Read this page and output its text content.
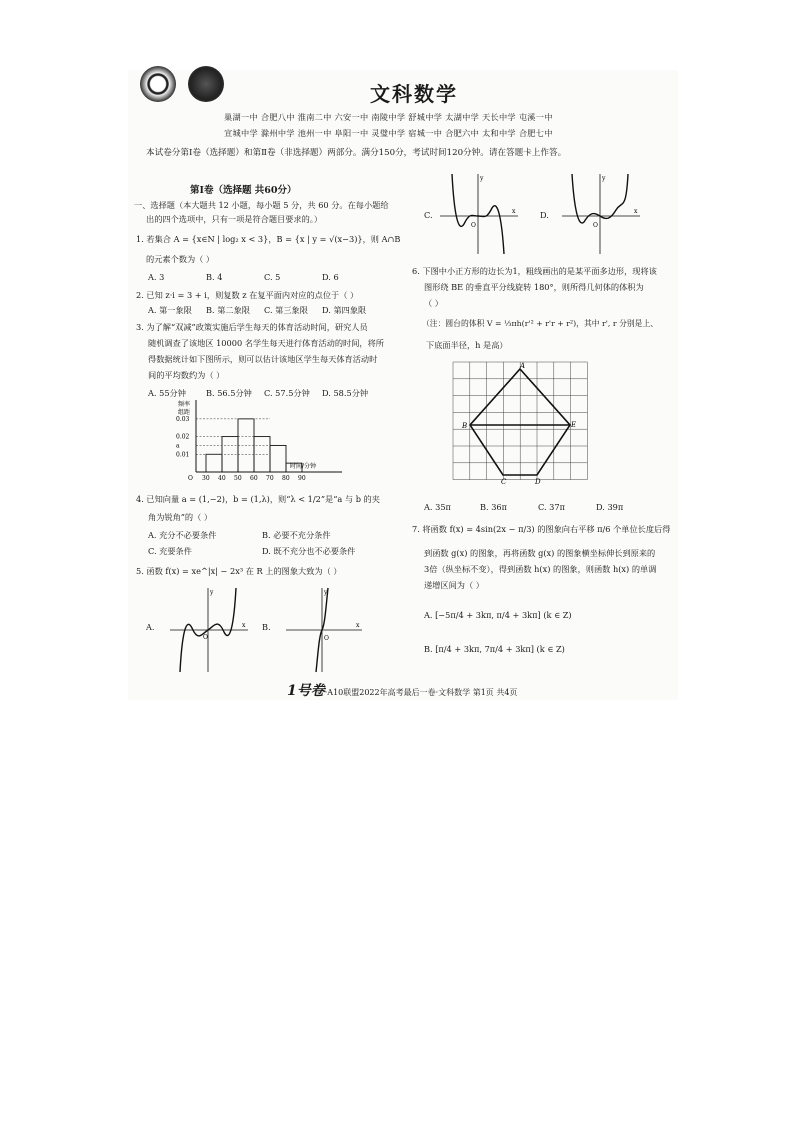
文科数学
巢湖一中 合肥八中 淮南二中 六安一中 南陵中学 舒城中学 太湖中学 天长中学 屯溪一中
宣城中学 滁州中学 池州一中 阜阳一中 灵璧中学 宿城一中 合肥六中 太和中学 合肥七中
本试卷分第Ⅰ卷（选择题）和第Ⅱ卷（非选择题）两部分。满分150分，考试时间120分钟。请在答题卡上作答。
第Ⅰ卷（选择题 共60分）
一、选择题（本大题共 12 小题，每小题 5 分，共 60 分。在每小题给
出的四个选项中，只有一项是符合题目要求的。）
1. 若集合 A = {x∈N | log₂ x < 3}，B = {x | y = √(x−3)}，则 A∩B
的元素个数为（ ）
A. 3	B. 4	C. 5	D. 6
2. 已知 z·i = 3 + i，则复数 z 在复平面内对应的点位于（ ）
A. 第一象限 B. 第二象限 C. 第三象限 D. 第四象限
3. 为了解“双减”政策实施后学生每天的体育活动时间，研究人员
随机调查了该地区 10000 名学生每天进行体育活动的时间，将所
得数据统计如下图所示，则可以估计该地区学生每天体育活动时
间的平均数约为（ ）
A. 55分钟 B. 56.5分钟 C. 57.5分钟 D. 58.5分钟
0.03
0.02
a
0.01
30 40 50 60 70 80 90
频率
组距
时间/分钟
O
4. 已知向量 a = (1,−2)，b = (1,λ)，则“λ < 1/2”是“a 与 b 的夹
角为锐角”的（ ）
A. 充分不必要条件	B. 必要不充分条件
C. 充要条件	D. 既不充分也不必要条件
5. 函数 f(x) = xe^|x| − 2x³ 在 R 上的图象大致为（ ）
A.	B.
C.	D.
O
y
x
O
y
x
O
y
x
O
y
x
6. 下图中小正方形的边长为1，粗线画出的是某平面多边形，现将该
图形绕 BE 的垂直平分线旋转 180°，则所得几何体的体积为
（ ）
（注：圆台的体积 V = ⅓πh(r'² + r'r + r²)，其中 r', r 分别是上、
下底面半径，h 是高）
A
B	E
C	D
A. 35π	B. 36π	C. 37π	D. 39π
7. 将函数 f(x) = 4sin(2x − π/3) 的图象向右平移 π/6 个单位长度后得
到函数 g(x) 的图象，再将函数 g(x) 的图象横坐标伸长到原来的
3倍（纵坐标不变），得到函数 h(x) 的图象，则函数 h(x) 的单调
递增区间为（ ）
A. [−5π/4 + 3kπ, π/4 + 3kπ] (k ∈ Z)
B. [π/4 + 3kπ, 7π/4 + 3kπ] (k ∈ Z)
1号卷·A10联盟2022年高考最后一卷·文科数学 第1页 共4页
